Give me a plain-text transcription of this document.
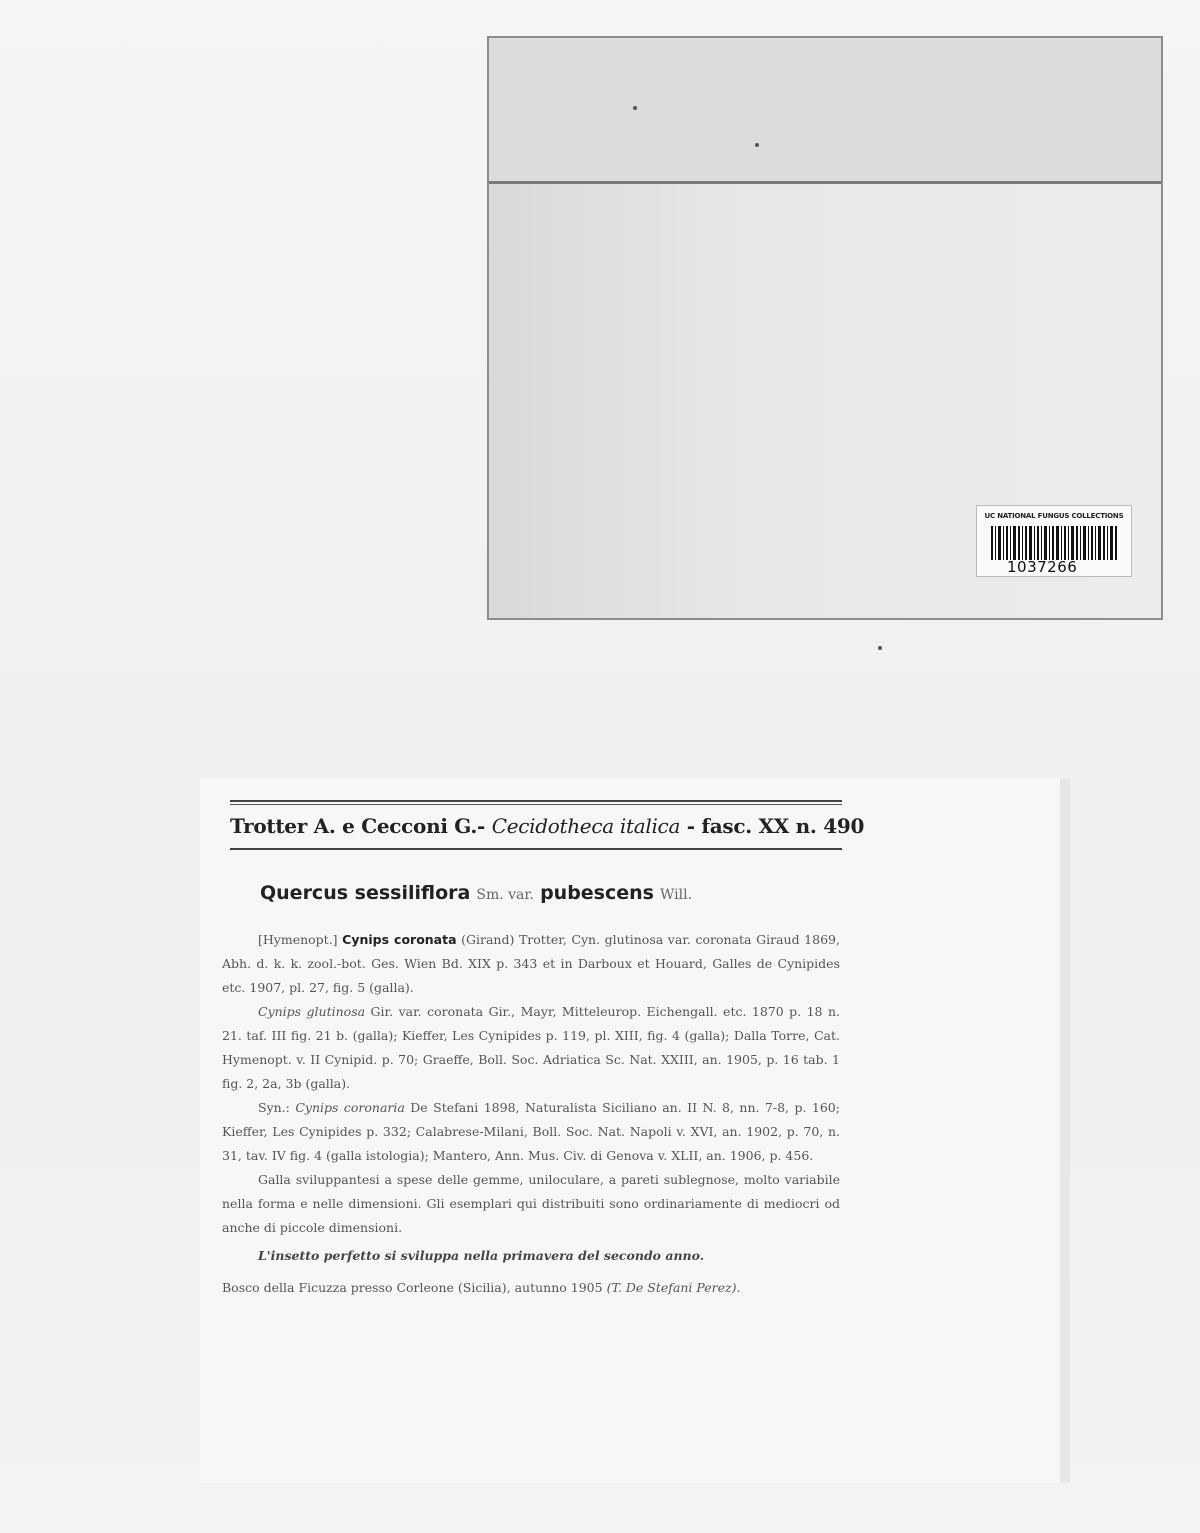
UC NATIONAL FUNGUS COLLECTIONS
1037266
Trotter A. e Cecconi G.- Cecidotheca italica - fasc. XX n. 490
Quercus sessiliflora Sm. var. pubescens Will.

[Hymenopt.] Cynips coronata (Girand) Trotter, Cyn. glutinosa var. coronata Giraud 1869, Abh. d. k. k. zool.-bot. Ges. Wien Bd. XIX p. 343 et in Darboux et Houard, Galles de Cynipides etc. 1907, pl. 27, fig. 5 (galla).

Cynips glutinosa Gir. var. coronata Gir., Mayr, Mitteleurop. Eichengall. etc. 1870 p. 18 n. 21. taf. III fig. 21 b. (galla); Kieffer, Les Cynipides p. 119, pl. XIII, fig. 4 (galla); Dalla Torre, Cat. Hymenopt. v. II Cynipid. p. 70; Graeffe, Boll. Soc. Adriatica Sc. Nat. XXIII, an. 1905, p. 16 tab. 1 fig. 2, 2a, 3b (galla).

Syn.: Cynips coronaria De Stefani 1898, Naturalista Siciliano an. II N. 8, nn. 7-8, p. 160; Kieffer, Les Cynipides p. 332; Calabrese-Milani, Boll. Soc. Nat. Napoli v. XVI, an. 1902, p. 70, n. 31, tav. IV fig. 4 (galla istologia); Mantero, Ann. Mus. Civ. di Genova v. XLII, an. 1906, p. 456.

Galla sviluppantesi a spese delle gemme, uniloculare, a pareti sublegnose, molto variabile nella forma e nelle dimensioni. Gli esemplari qui distribuiti sono ordinariamente di mediocri od anche di piccole dimensioni.

L'insetto perfetto si sviluppa nella primavera del secondo anno.

Bosco della Ficuzza presso Corleone (Sicilia), autunno 1905 (T. De Stefani Perez).
